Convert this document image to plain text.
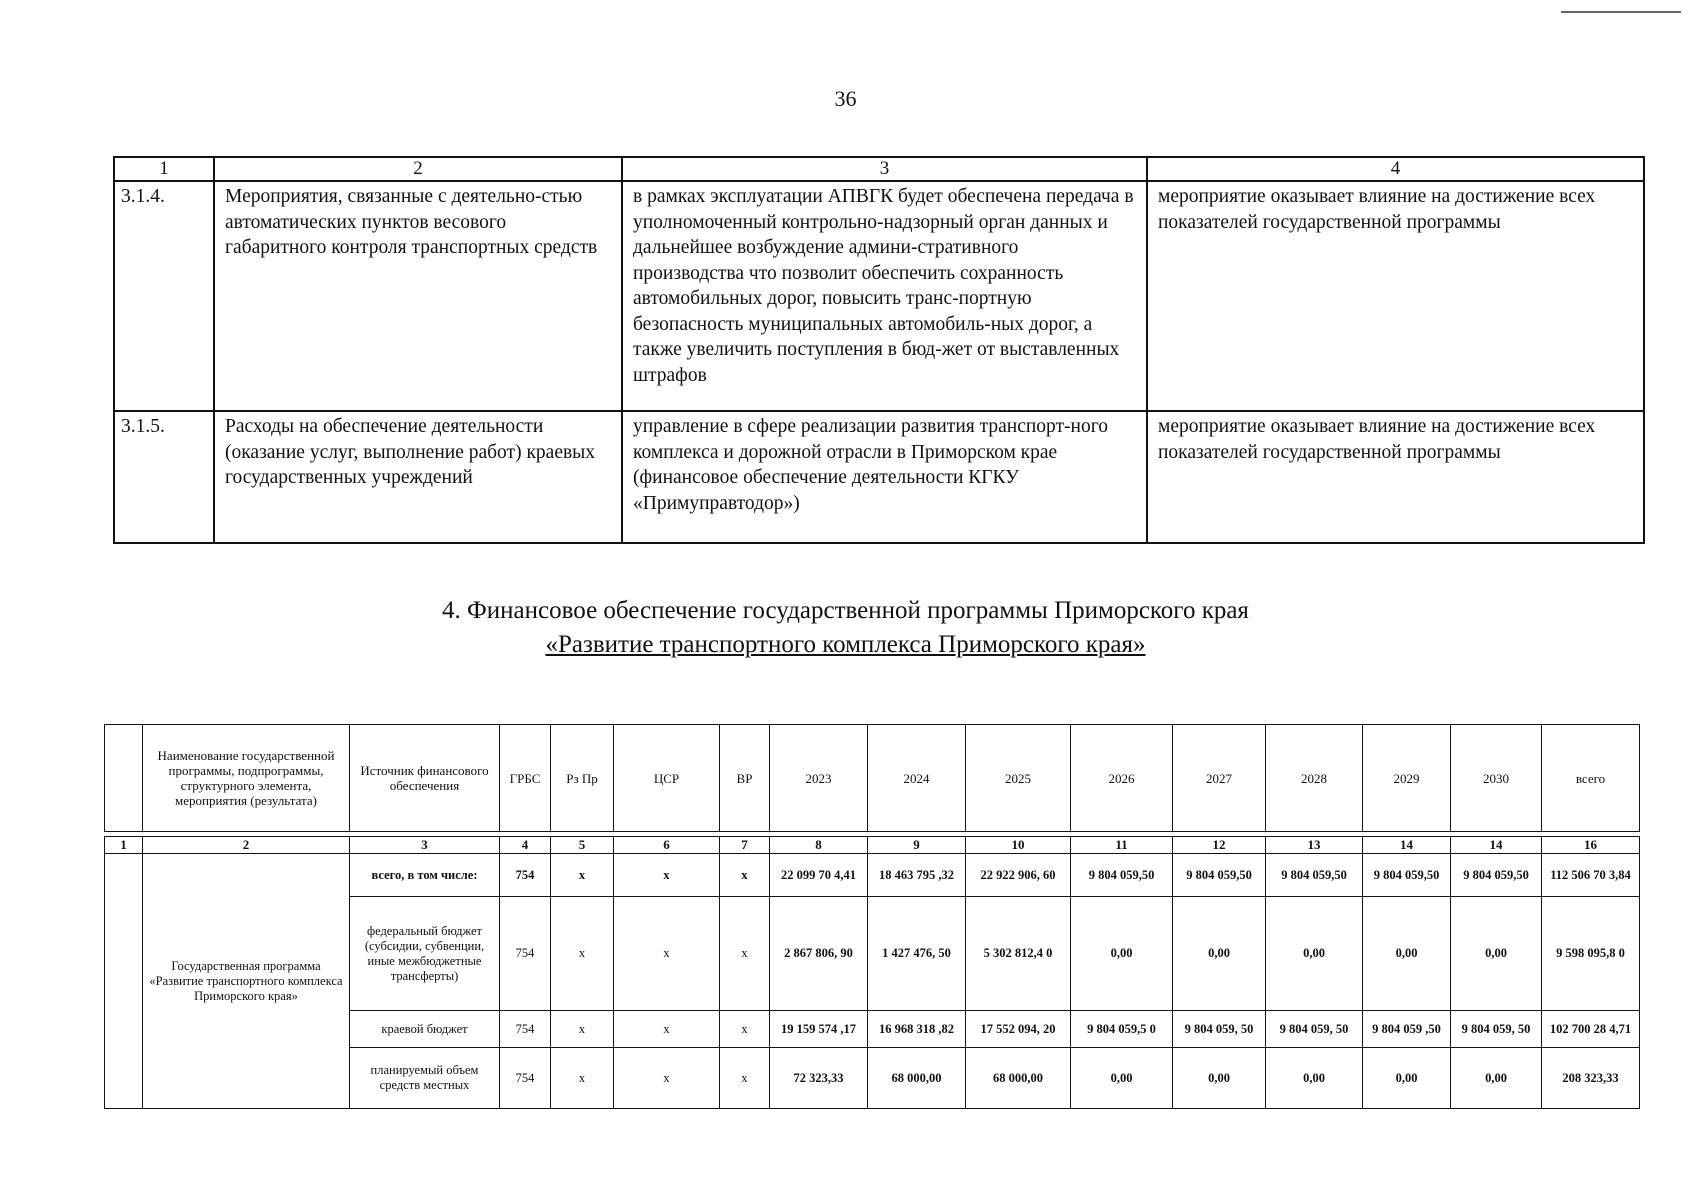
36
1	2	3	4
3.1.4.	Мероприятия, связанные с деятельно-стью автоматических пунктов весового габаритного контроля транспортных средств	в рамках эксплуатации АПВГК будет обеспечена передача в уполномоченный контрольно-надзорный орган данных и дальнейшее возбуждение админи-стративного производства что позволит обеспечить сохранность автомобильных дорог, повысить транс-портную безопасность муниципальных автомобиль-ных дорог, а также увеличить поступления в бюд-жет от выставленных штрафов	мероприятие оказывает влияние на достижение всех показателей государственной программы
3.1.5.	Расходы на обеспечение деятельности (оказание услуг, выполнение работ) краевых государственных учреждений	управление в сфере реализации развития транспорт-ного комплекса и дорожной отрасли в Приморском крае (финансовое обеспечение деятельности КГКУ «Примуправтодор»)	мероприятие оказывает влияние на достижение всех показателей государственной программы
4. Финансовое обеспечение государственной программы Приморского края
«Развитие транспортного комплекса Приморского края»
	Наименование государственной программы, подпрограммы, структурного элемента, мероприятия (результата)	Источник финансового обеспечения	ГРБС	Рз Пр	ЦСР	ВР	2023	2024	2025	2026	2027	2028	2029	2030	всего

1	2	3	4	5	6	7	8	9	10	11	12	13	14	14	16
	Государственная программа «Развитие транспортного комплекса Приморского края»	всего, в том числе:	754	х	х	х	22 099 70 4,41	18 463 795 ,32	22 922 906, 60	9 804 059,50	9 804 059,50	9 804 059,50	9 804 059,50	9 804 059,50	112 506 70 3,84
		федеральный бюджет (субсидии, субвенции, иные межбюджетные трансферты)	754	х	х	х	2 867 806, 90	1 427 476, 50	5 302 812,4 0	0,00	0,00	0,00	0,00	0,00	9 598 095,8 0
		краевой бюджет	754	х	х	х	19 159 574 ,17	16 968 318 ,82	17 552 094, 20	9 804 059,5 0	9 804 059, 50	9 804 059, 50	9 804 059 ,50	9 804 059, 50	102 700 28 4,71
		планируемый объем средств местных	754	х	х	х	72 323,33	68 000,00	68 000,00	0,00	0,00	0,00	0,00	0,00	208 323,33
